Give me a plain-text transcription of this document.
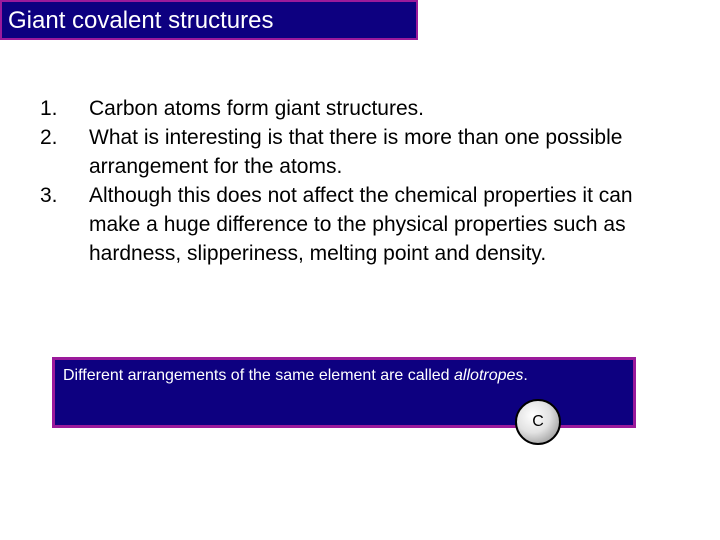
Giant covalent structures
1. Carbon atoms form giant structures.
2. What is interesting is that there is more than one possible arrangement for the atoms.
3. Although this does not affect the chemical properties it can make a huge difference to the physical properties such as hardness, slipperiness, melting point and density.
Different arrangements of the same element are called allotropes.
C
